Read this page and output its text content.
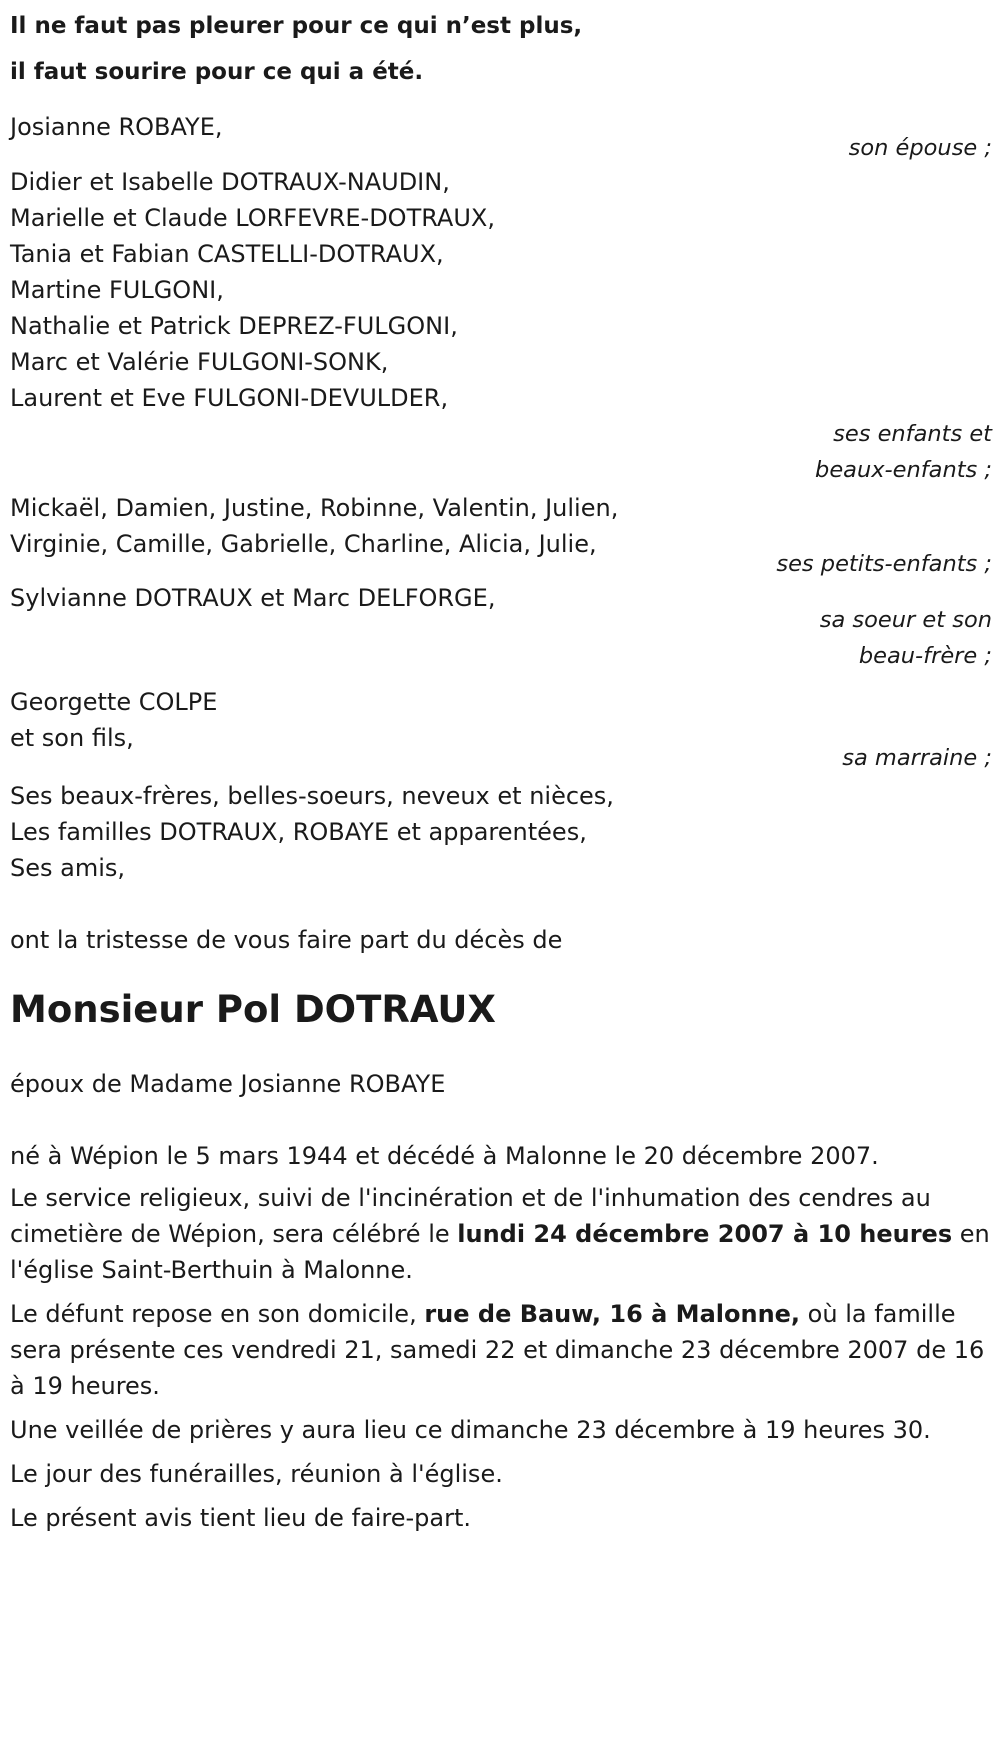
Il ne faut pas pleurer pour ce qui n’est plus,

il faut sourire pour ce qui a été.

Josianne ROBAYE,
son épouse ;
Didier et Isabelle DOTRAUX-NAUDIN,
Marielle et Claude LORFEVRE-DOTRAUX,
Tania et Fabian CASTELLI-DOTRAUX,
Martine FULGONI,
Nathalie et Patrick DEPREZ-FULGONI,
Marc et Valérie FULGONI-SONK,
Laurent et Eve FULGONI-DEVULDER,
ses enfants et
beaux-enfants ;
Mickaël, Damien, Justine, Robinne, Valentin, Julien,
Virginie, Camille, Gabrielle, Charline, Alicia, Julie,
ses petits-enfants ;
Sylvianne DOTRAUX et Marc DELFORGE,
sa soeur et son
beau-frère ;
Georgette COLPE
et son fils,
sa marraine ;
Ses beaux-frères, belles-soeurs, neveux et nièces,
Les familles DOTRAUX, ROBAYE et apparentées,
Ses amis,

ont la tristesse de vous faire part du décès de

Monsieur Pol DOTRAUX

époux de Madame Josianne ROBAYE

né à Wépion le 5 mars 1944 et décédé à Malonne le 20 décembre 2007.

Le service religieux, suivi de l'incinération et de l'inhumation des cendres au cimetière de Wépion, sera célébré le lundi 24 décembre 2007 à 10 heures en l'église Saint-Berthuin à Malonne.

Le défunt repose en son domicile, rue de Bauw, 16 à Malonne, où la famille sera présente ces vendredi 21, samedi 22 et dimanche 23 décembre 2007 de 16 à 19 heures.

Une veillée de prières y aura lieu ce dimanche 23 décembre à 19 heures 30.

Le jour des funérailles, réunion à l'église.

Le présent avis tient lieu de faire-part.
